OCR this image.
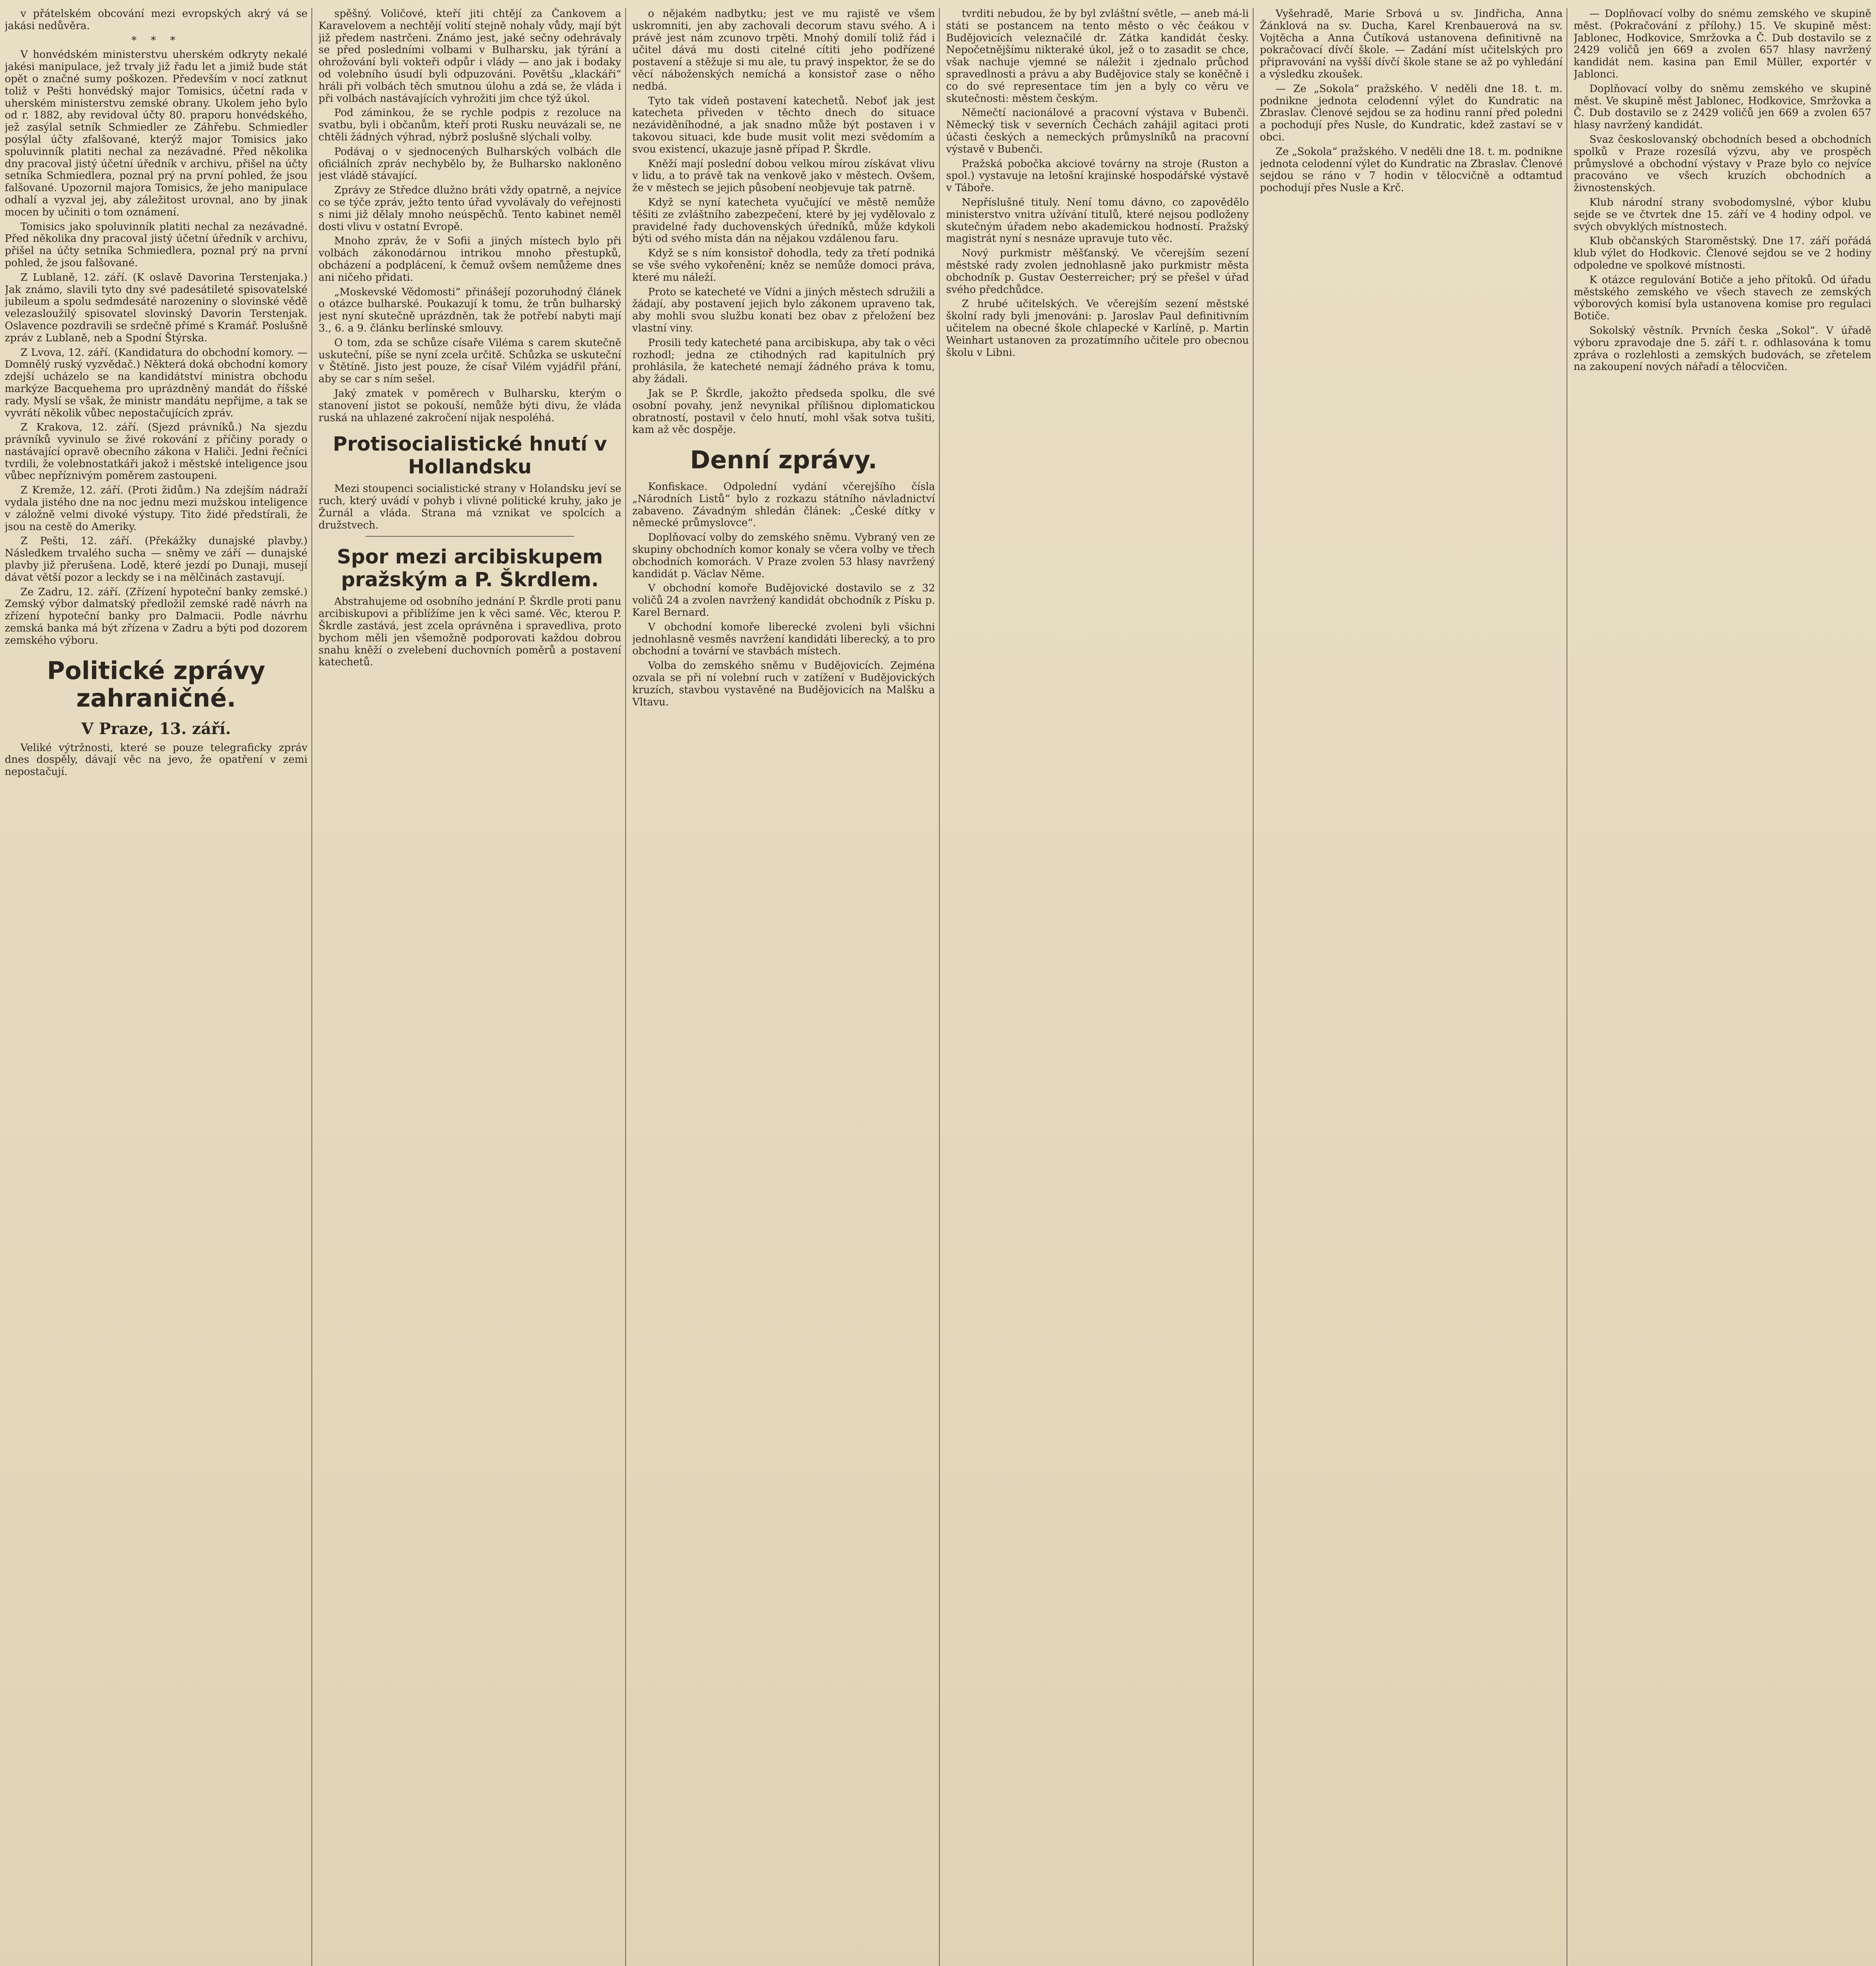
v přátelském obcování mezi evropských akrý vá se jakási nedůvěra.

* * *

V honvédském ministerstvu uherském odkryty nekalé jakési manipulace, jež trvaly již řadu let a jimiž bude stát opět o značné sumy poškozen. Především v nocí zatknut toliž v Pešti honvédský major Tomisics, účetní rada v uherském ministerstvu zemské obrany. Ukolem jeho bylo od r. 1882, aby revidoval účty 80. praporu honvédského, jež zasýlal setník Schmiedler ze Záhřebu. Schmiedler posýlal účty zfalšované, kterýž major Tomisics jako spoluvinník platiti nechal za nezávadné. Před několika dny pracoval jistý účetní úředník v archivu, přišel na účty setníka Schmiedlera, poznal prý na první pohled, že jsou falšované. Upozornil majora Tomisics, že jeho manipulace odhalí a vyzval jej, aby záležitost urovnal, ano by jinak mocen by učiniti o tom oznámení.

Tomisics jako spoluvinník platiti nechal za nezávadné. Před několika dny pracoval jistý účetní úředník v archivu, přišel na účty setníka Schmiedlera, poznal prý na první pohled, že jsou falšované.

Z Lublaně, 12. září. (K oslavě Davorina Terstenjaka.) Jak známo, slavili tyto dny své padesátileté spisovatelské jubileum a spolu sedmdesáté narozeniny o slovinské vědě velezasloužilý spisovatel slovinský Davorin Terstenjak. Oslavence pozdravili se srdečně přímé s Kramář. Poslušně zpráv z Lublaně, neb a Spodní Štýrska.

Z Lvova, 12. září. (Kandidatura do obchodní komory. — Domnělý ruský vyzvědač.) Některá doká obchodní komory zdejší ucházelo se na kandidátství ministra obchodu markýze Bacquehema pro uprázdněný mandát do říšské rady. Myslí se však, že ministr mandátu nepřijme, a tak se vyvrátí několik vůbec nepostačujících zpráv.

Z Krakova, 12. září. (Sjezd právníků.) Na sjezdu právníků vyvinulo se živé rokování z příčiny porady o nastávající opravě obecního zákona v Haliči. Jedni řečníci tvrdili, že volebnostatkáři jakož i městské inteligence jsou vůbec nepříznivým poměrem zastoupeni.

Z Kremže, 12. září. (Proti židům.) Na zdejším nádraží vydala jistého dne na noc jednu mezi mužskou inteligence v záložně velmi divoké výstupy. Tito židé předstírali, že jsou na cestě do Ameriky.

Z Pešti, 12. září. (Překážky dunajské plavby.) Následkem trvalého sucha — sněmy ve září — dunajské plavby již přerušena. Lodě, které jezdí po Dunaji, musejí dávat větší pozor a leckdy se i na mělčinách zastavují.

Ze Zadru, 12. září. (Zřízení hypoteční banky zemské.) Zemský výbor dalmatský předložil zemské radě návrh na zřízení hypoteční banky pro Dalmacii. Podle návrhu zemská banka má být zřízena v Zadru a býti pod dozorem zemského výboru.

Politické zprávy zahraničné.
V Praze, 13. září.

Veliké výtržnosti, které se pouze telegraficky zpráv dnes dospěly, dávají věc na jevo, že opatření v zemi nepostačují.

spěšný. Voličové, kteří jiti chtějí za Čankovem a Karavelovem a nechtějí volití stejně nohaly vůdy, mají být již předem nastrčeni. Známo jest, jaké sečny odehrávaly se před posledními volbami v Bulharsku, jak týrání a ohrožování byli vokteři odpůr i vlády — ano jak i bodaky od volebního úsudí byli odpuzováni. Povětšu „klackáři“ hráli při volbách těch smutnou úlohu a zdá se, že vláda i při volbách nastávajících vyhrožiti jim chce týž úkol.

Pod záminkou, že se rychle podpis z rezoluce na svatbu, byli i občanům, kteří proti Rusku neuvázali se, ne chtěli žádných výhrad, nýbrž poslušně slýchali volby.

Podávaj o v sjednocených Bulharských volbách dle oficiálních zpráv nechybělo by, že Bulharsko nakloněno jest vládě stávající.

Zprávy ze Středce dlužno bráti vždy opatrně, a nejvíce co se týče zpráv, ježto tento úřad vyvolávaly do veřejnosti s nimi již dělaly mnoho neúspěchů. Tento kabinet neměl dosti vlivu v ostatní Evropě.

Mnoho zpráv, že v Sofii a jiných místech bylo při volbách zákonodárnou intrikou mnoho přestupků, obcházení a podplácení, k čemuž ovšem nemůžeme dnes ani ničeho přidati.

„Moskevské Vědomosti“ přinášejí pozoruhodný článek o otázce bulharské. Poukazují k tomu, že trůn bulharský jest nyní skutečně uprázdněn, tak že potřebí nabyti mají 3., 6. a 9. článku berlínské smlouvy.

O tom, zda se schůze císaře Viléma s carem skutečně uskuteční, píše se nyní zcela určitě. Schůzka se uskuteční v Štětíně. Jisto jest pouze, že císař Vilém vyjádřil přání, aby se car s ním sešel.

Jaký zmatek v poměrech v Bulharsku, kterým o stanovení jistot se pokouší, nemůže býti divu, že vláda ruská na uhlazené zakročení nijak nespoléhá.

Protisocialistické hnutí v Hollandsku

Mezi stoupenci socialistické strany v Holandsku jeví se ruch, který uvádí v pohyb i vlivné politické kruhy, jako je Žurnál a vláda. Strana má vznikat ve spolcích a družstvech.

Spor mezi arcibiskupem pražským a P. Škrdlem.

Abstrahujeme od osobního jednání P. Škrdle proti panu arcibiskupovi a přiblížíme jen k věci samé. Věc, kterou P. Škrdle zastává, jest zcela oprávněna i spravedliva, proto bychom měli jen všemožně podporovati každou dobrou snahu kněží o zvelebení duchovních poměrů a postavení katechetů.

o nějakém nadbytku; jest ve mu rajistě ve všem uskromniti, jen aby zachovali decorum stavu svého. A i právě jest nám zcunovo trpěti. Mnohý domilí toliž řád i učitel dává mu dosti citelné cítiti jeho podřízené postavení a stěžuje si mu ale, tu pravý inspektor, že se do věcí náboženských nemíchá a konsistoř zase o něho nedbá.

Tyto tak vídeň postavení katechetů. Neboť jak jest katecheta přiveden v těchto dnech do situace nezáviděníhodné, a jak snadno může být postaven i v takovou situaci, kde bude musit volit mezi svědomím a svou existencí, ukazuje jasně případ P. Škrdle.

Kněží mají poslední dobou velkou mírou získávat vlivu v lidu, a to právě tak na venkově jako v městech. Ovšem, že v městech se jejich působení neobjevuje tak patrně.

Když se nyní katecheta vyučující ve městě nemůže těšiti ze zvláštního zabezpečení, které by jej vydělovalo z pravidelné řady duchovenských úředníků, může kdykoli býti od svého místa dán na nějakou vzdálenou faru.

Když se s ním konsistoř dohodla, tedy za třetí podniká se vše svého vykořenění; kněz se nemůže domoci práva, které mu náleží.

Proto se katecheté ve Vídni a jiných městech sdružili a žádají, aby postavení jejich bylo zákonem upraveno tak, aby mohli svou službu konati bez obav z přeložení bez vlastní viny.

Prosili tedy katecheté pana arcibiskupa, aby tak o věci rozhodl; jedna ze ctihodných rad kapitulních prý prohlásila, že katecheté nemají žádného práva k tomu, aby žádali.

Jak se P. Škrdle, jakožto předseda spolku, dle své osobní povahy, jenž nevynikal přílišnou diplomatickou obratností, postavil v čelo hnutí, mohl však sotva tušiti, kam až věc dospěje.

Denní zprávy.

Konfiskace. Odpolední vydání včerejšího čísla „Národních Listů“ bylo z rozkazu státního návladnictví zabaveno. Závadným shledán článek: „České dítky v německé průmyslovce“.

Doplňovací volby do zemského sněmu. Vybraný ven ze skupiny obchodních komor konaly se včera volby ve třech obchodních komorách. V Praze zvolen 53 hlasy navržený kandidát p. Václav Něme.

V obchodní komoře Budějovické dostavilo se z 32 voličů 24 a zvolen navržený kandidát obchodník z Písku p. Karel Bernard.

V obchodní komoře liberecké zvoleni byli všichni jednohlasně vesměs navržení kandidáti liberecký, a to pro obchodní a tovární ve stavbách místech.

Volba do zemského sněmu v Budějovicích. Zejména ozvala se při ní volební ruch v zatížení v Budějovických kruzích, stavbou vystavěné na Budějovicích na Malšku a Vltavu.

tvrditi nebudou, že by byl zvláštní světle, — aneb má-li státi se postancem na tento město o věc čeákou v Budějovicích veleznačilé dr. Zátka kandidát česky. Nepočetnějšímu nikteraké úkol, jež o to zasadit se chce, však nachuje vjemné se náležit i zjednalo průchod spravedlnosti a právu a aby Budějovice staly se koněčně i co do své representace tím jen a byly co věru ve skutečnosti: městem českým.

Němečtí nacionálové a pracovní výstava v Bubenči. Německý tisk v severních Čechách zahájil agitaci proti účasti českých a nemeckých průmyslníků na pracovní výstavě v Bubenči.

Pražská pobočka akciové továrny na stroje (Ruston a spol.) vystavuje na letošní krajinské hospodářské výstavě v Táboře.

Nepříslušné tituly. Není tomu dávno, co zapovědělo ministerstvo vnitra užívání titulů, které nejsou podloženy skutečným úřadem nebo akademickou hodností. Pražský magistrát nyní s nesnáze upravuje tuto věc.

Nový purkmistr měšťanský. Ve včerejším sezení městské rady zvolen jednohlasně jako purkmistr města obchodník p. Gustav Oesterreicher; prý se přešel v úřad svého předchůdce.

Z hrubé učitelských. Ve včerejším sezení městské školní rady byli jmenováni: p. Jaroslav Paul definitivním učitelem na obecné škole chlapecké v Karlíně, p. Martin Weinhart ustanoven za prozatímního učitele pro obecnou školu v Libni.

Vyšehradě, Marie Srbová u sv. Jindřicha, Anna Žánklová na sv. Ducha, Karel Krenbauerová na sv. Vojtěcha a Anna Čutíková ustanovena definitivně na pokračovací dívčí škole. — Zadání míst učitelských pro připravování na vyšší dívčí škole stane se až po vyhledání a výsledku zkoušek.

— Ze „Sokola“ pražského. V neděli dne 18. t. m. podnikne jednota celodenní výlet do Kundratic na Zbraslav. Členové sejdou se za hodinu ranní před poledni a pochodují přes Nusle, do Kundratic, kdež zastaví se v obci.

Ze „Sokola“ pražského. V neděli dne 18. t. m. podnikne jednota celodenní výlet do Kundratic na Zbraslav. Členové sejdou se ráno v 7 hodin v tělocvičně a odtamtud pochodují přes Nusle a Krč.

— Doplňovací volby do snému zemského ve skupině měst. (Pokračování z přílohy.) 15. Ve skupině měst: Jablonec, Hodkovice, Smržovka a Č. Dub dostavilo se z 2429 voličů jen 669 a zvolen 657 hlasy navržený kandidát nem. kasina pan Emil Müller, exportér v Jablonci.

Doplňovací volby do sněmu zemského ve skupině měst. Ve skupině měst Jablonec, Hodkovice, Smržovka a Č. Dub dostavilo se z 2429 voličů jen 669 a zvolen 657 hlasy navržený kandidát.

Svaz českoslovanský obchodních besed a obchodních spolků v Praze rozesílá výzvu, aby ve prospěch průmyslové a obchodní výstavy v Praze bylo co nejvíce pracováno ve všech kruzích obchodních a živnostenských.

Klub národní strany svobodomyslné, výbor klubu sejde se ve čtvrtek dne 15. září ve 4 hodiny odpol. ve svých obvyklých místnostech.

Klub občanských Staroměstský. Dne 17. září pořádá klub výlet do Hodkovic. Členové sejdou se ve 2 hodiny odpoledne ve spolkové místnosti.

K otázce regulování Botiče a jeho přítoků. Od úřadu městského zemského ve všech stavech ze zemských výborových komisí byla ustanovena komise pro regulaci Botiče.

Sokolský věstník. Prvních česka „Sokol“. V úřadě výboru zpravodaje dne 5. září t. r. odhlasována k tomu zpráva o rozlehlosti a zemských budovách, se zřetelem na zakoupení nových nářadí a tělocvičen.
